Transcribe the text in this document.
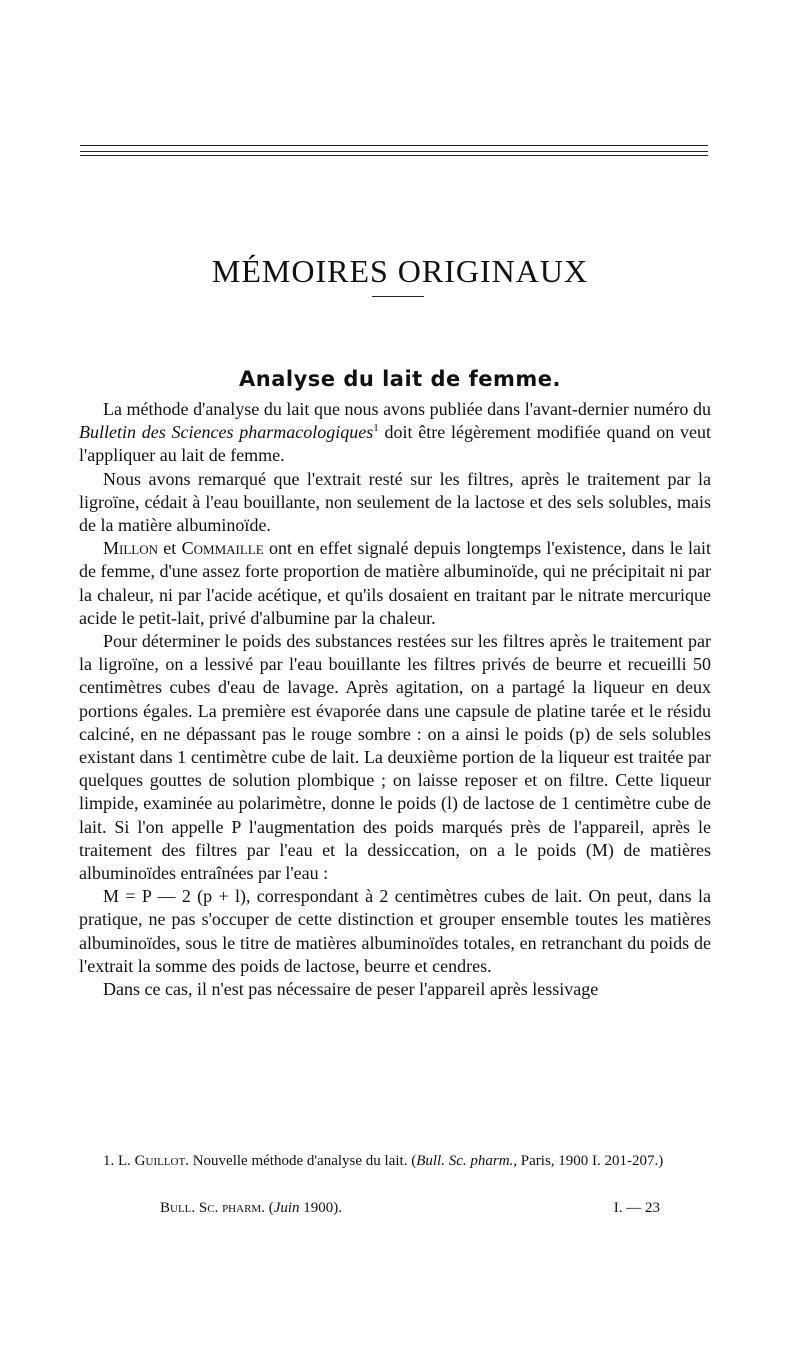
MÉMOIRES ORIGINAUX
Analyse du lait de femme.

La méthode d'analyse du lait que nous avons publiée dans l'avant-dernier numéro du Bulletin des Sciences pharmacologiques$^1$ doit être légèrement modifiée quand on veut l'appliquer au lait de femme.

Nous avons remarqué que l'extrait resté sur les filtres, après le traitement par la ligroïne, cédait à l'eau bouillante, non seulement de la lactose et des sels solubles, mais de la matière albuminoïde.

Millon et Commaille ont en effet signalé depuis longtemps l'existence, dans le lait de femme, d'une assez forte proportion de matière albuminoïde, qui ne précipitait ni par la chaleur, ni par l'acide acétique, et qu'ils dosaient en traitant par le nitrate mercurique acide le petit-lait, privé d'albumine par la chaleur.

Pour déterminer le poids des substances restées sur les filtres après le traitement par la ligroïne, on a lessivé par l'eau bouillante les filtres privés de beurre et recueilli 50 centimètres cubes d'eau de lavage. Après agitation, on a partagé la liqueur en deux portions égales. La première est évaporée dans une capsule de platine tarée et le résidu calciné, en ne dépassant pas le rouge sombre : on a ainsi le poids (p) de sels solubles existant dans 1 centimètre cube de lait. La deuxième portion de la liqueur est traitée par quelques gouttes de solution plombique ; on laisse reposer et on filtre. Cette liqueur limpide, examinée au polarimètre, donne le poids (l) de lactose de 1 centimètre cube de lait. Si l'on appelle P l'augmentation des poids marqués près de l'appareil, après le traitement des filtres par l'eau et la dessiccation, on a le poids (M) de matières albuminoïdes entraînées par l'eau :

M = P — 2 (p + l), correspondant à 2 centimètres cubes de lait. On peut, dans la pratique, ne pas s'occuper de cette distinction et grouper ensemble toutes les matières albuminoïdes, sous le titre de matières albuminoïdes totales, en retranchant du poids de l'extrait la somme des poids de lactose, beurre et cendres.

Dans ce cas, il n'est pas nécessaire de peser l'appareil après lessivage

1. L. Guillot. Nouvelle méthode d'analyse du lait. (Bull. Sc. pharm., Paris, 1900 I. 201-207.)

Bull. Sc. pharm. (Juin 1900).	I. — 23
